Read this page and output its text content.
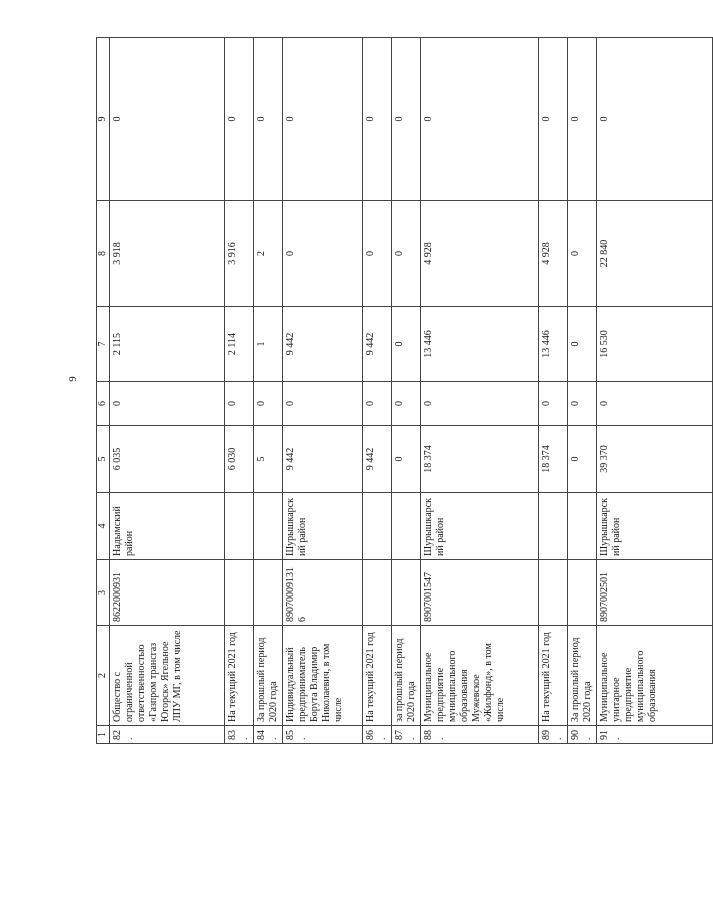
9
1	2	3	4	5	6	7	8	9
82.	Общество с ограниченной ответственностью «Газпром трансгаз Югорск» Ягельное ЛПУ МГ, в том числе	8622000931	Надымский район	6 035	0	2 115	3 918	0
83.	На текущий 2021 год			6 030	0	2 114	3 916	0
84.	За прошлый период 2020 года			5	0	1	2	0
85.	Индивидуальный предприниматель Борута Владимир Николаевич, в том числе	890700091316	Шурышкарский район	9 442	0	9 442	0	0
86.	На текущий 2021 год			9 442	0	9 442	0	0
87.	за прошлый период 2020 года			0	0	0	0	0
88.	Муниципальное предприятие муниципального образования Мужевское «Жилфонд», в том числе	8907001547	Шурышкарский район	18 374	0	13 446	4 928	0
89.	На текущий 2021 год			18 374	0	13 446	4 928	0
90.	За прошлый период 2020 года			0	0	0	0	0
91.	Муниципальное унитарное предприятие муниципального образования	8907002501	Шурышкарский район	39 370	0	16 530	22 840	0
